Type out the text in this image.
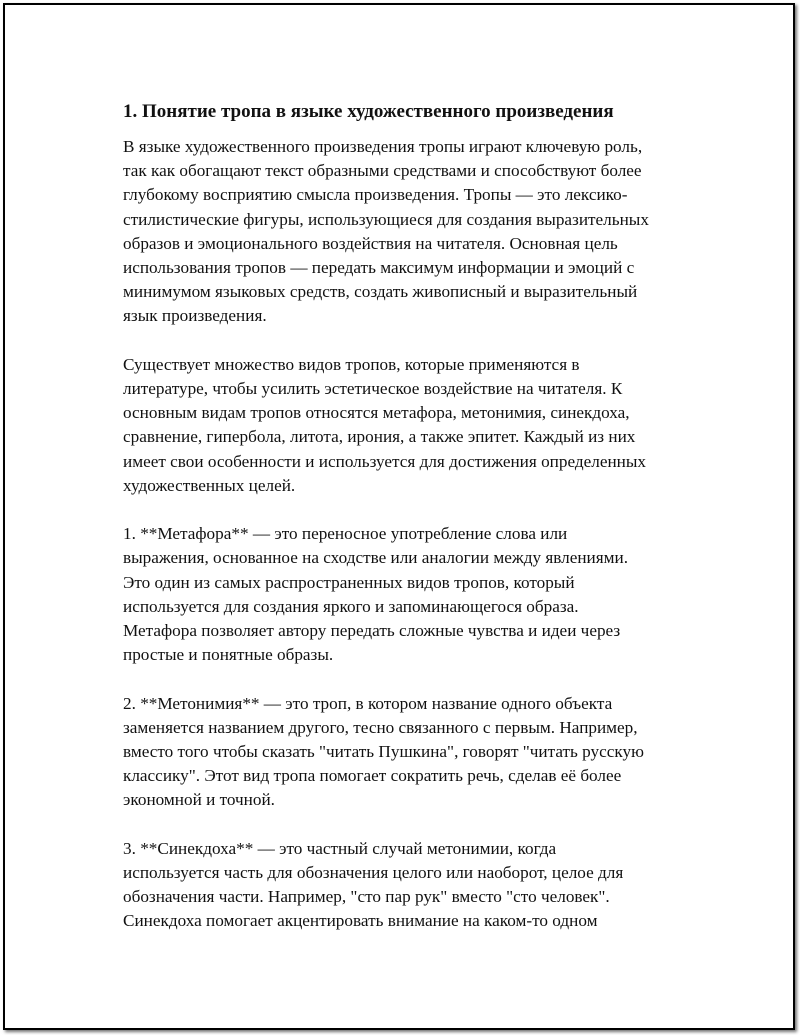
1. Понятие тропа в языке художественного произведения
В языке художественного произведения тропы играют ключевую роль,
так как обогащают текст образными средствами и способствуют более
глубокому восприятию смысла произведения. Тропы — это лексико-
стилистические фигуры, использующиеся для создания выразительных
образов и эмоционального воздействия на читателя. Основная цель
использования тропов — передать максимум информации и эмоций с
минимумом языковых средств, создать живописный и выразительный
язык произведения.
Существует множество видов тропов, которые применяются в
литературе, чтобы усилить эстетическое воздействие на читателя. К
основным видам тропов относятся метафора, метонимия, синекдоха,
сравнение, гипербола, литота, ирония, а также эпитет. Каждый из них
имеет свои особенности и используется для достижения определенных
художественных целей.
1. **Метафора** — это переносное употребление слова или
выражения, основанное на сходстве или аналогии между явлениями.
Это один из самых распространенных видов тропов, который
используется для создания яркого и запоминающегося образа.
Метафора позволяет автору передать сложные чувства и идеи через
простые и понятные образы.
2. **Метонимия** — это троп, в котором название одного объекта
заменяется названием другого, тесно связанного с первым. Например,
вместо того чтобы сказать "читать Пушкина", говорят "читать русскую
классику". Этот вид тропа помогает сократить речь, сделав её более
экономной и точной.
3. **Синекдоха** — это частный случай метонимии, когда
используется часть для обозначения целого или наоборот, целое для
обозначения части. Например, "сто пар рук" вместо "сто человек".
Синекдоха помогает акцентировать внимание на каком-то одном
